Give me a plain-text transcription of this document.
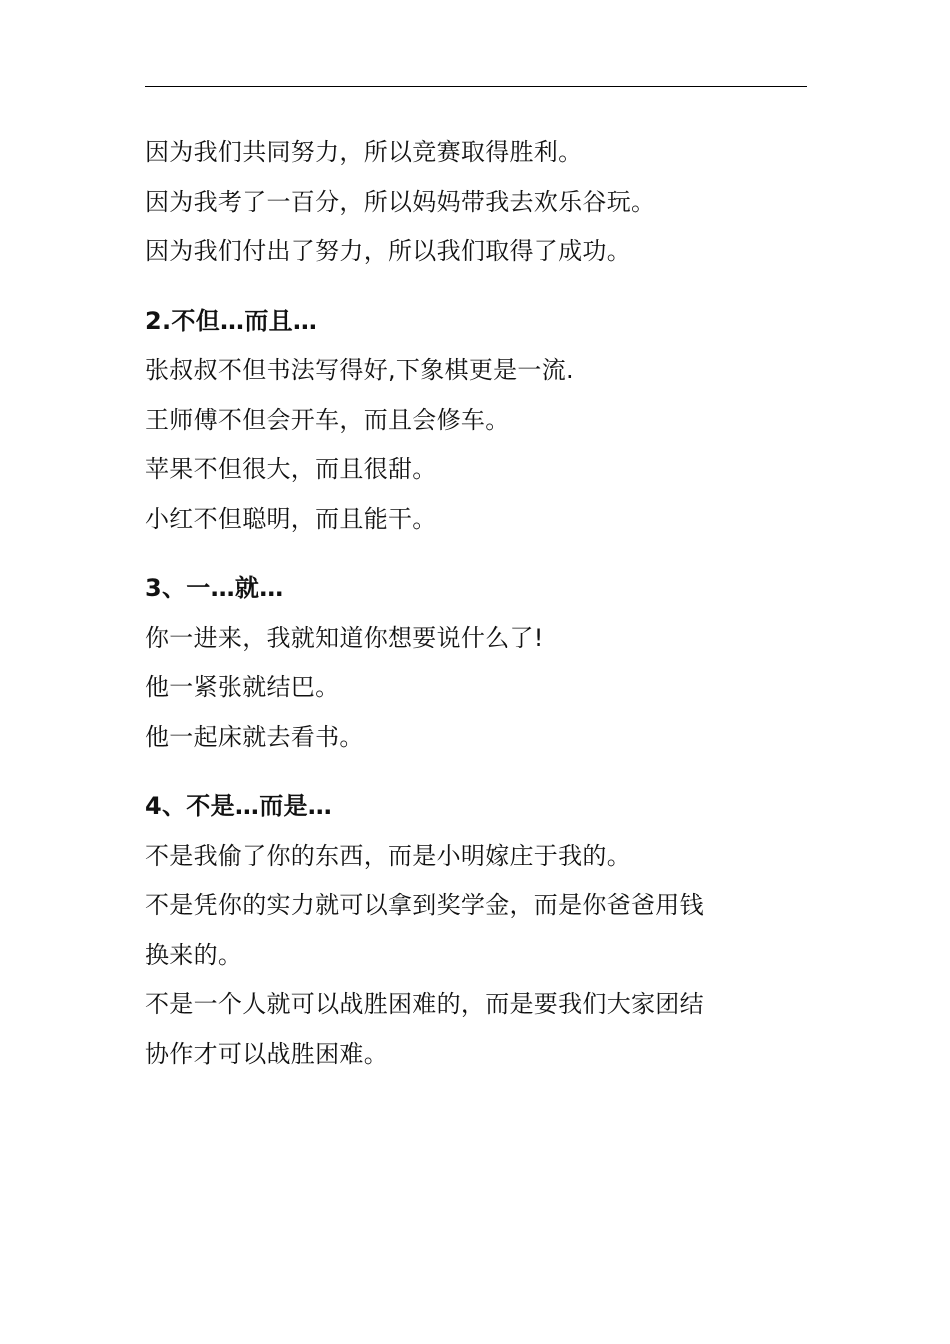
因为我们共同努力，所以竞赛取得胜利。
因为我考了一百分，所以妈妈带我去欢乐谷玩。
因为我们付出了努力，所以我们取得了成功。
2.不但…而且…
张叔叔不但书法写得好,下象棋更是一流.
王师傅不但会开车，而且会修车。
苹果不但很大，而且很甜。
小红不但聪明，而且能干。
3、一…就…
你一进来，我就知道你想要说什么了!
他一紧张就结巴。
他一起床就去看书。
4、不是…而是…
不是我偷了你的东西，而是小明嫁庄于我的。
不是凭你的实力就可以拿到奖学金，而是你爸爸用钱
换来的。
不是一个人就可以战胜困难的，而是要我们大家团结
协作才可以战胜困难。
